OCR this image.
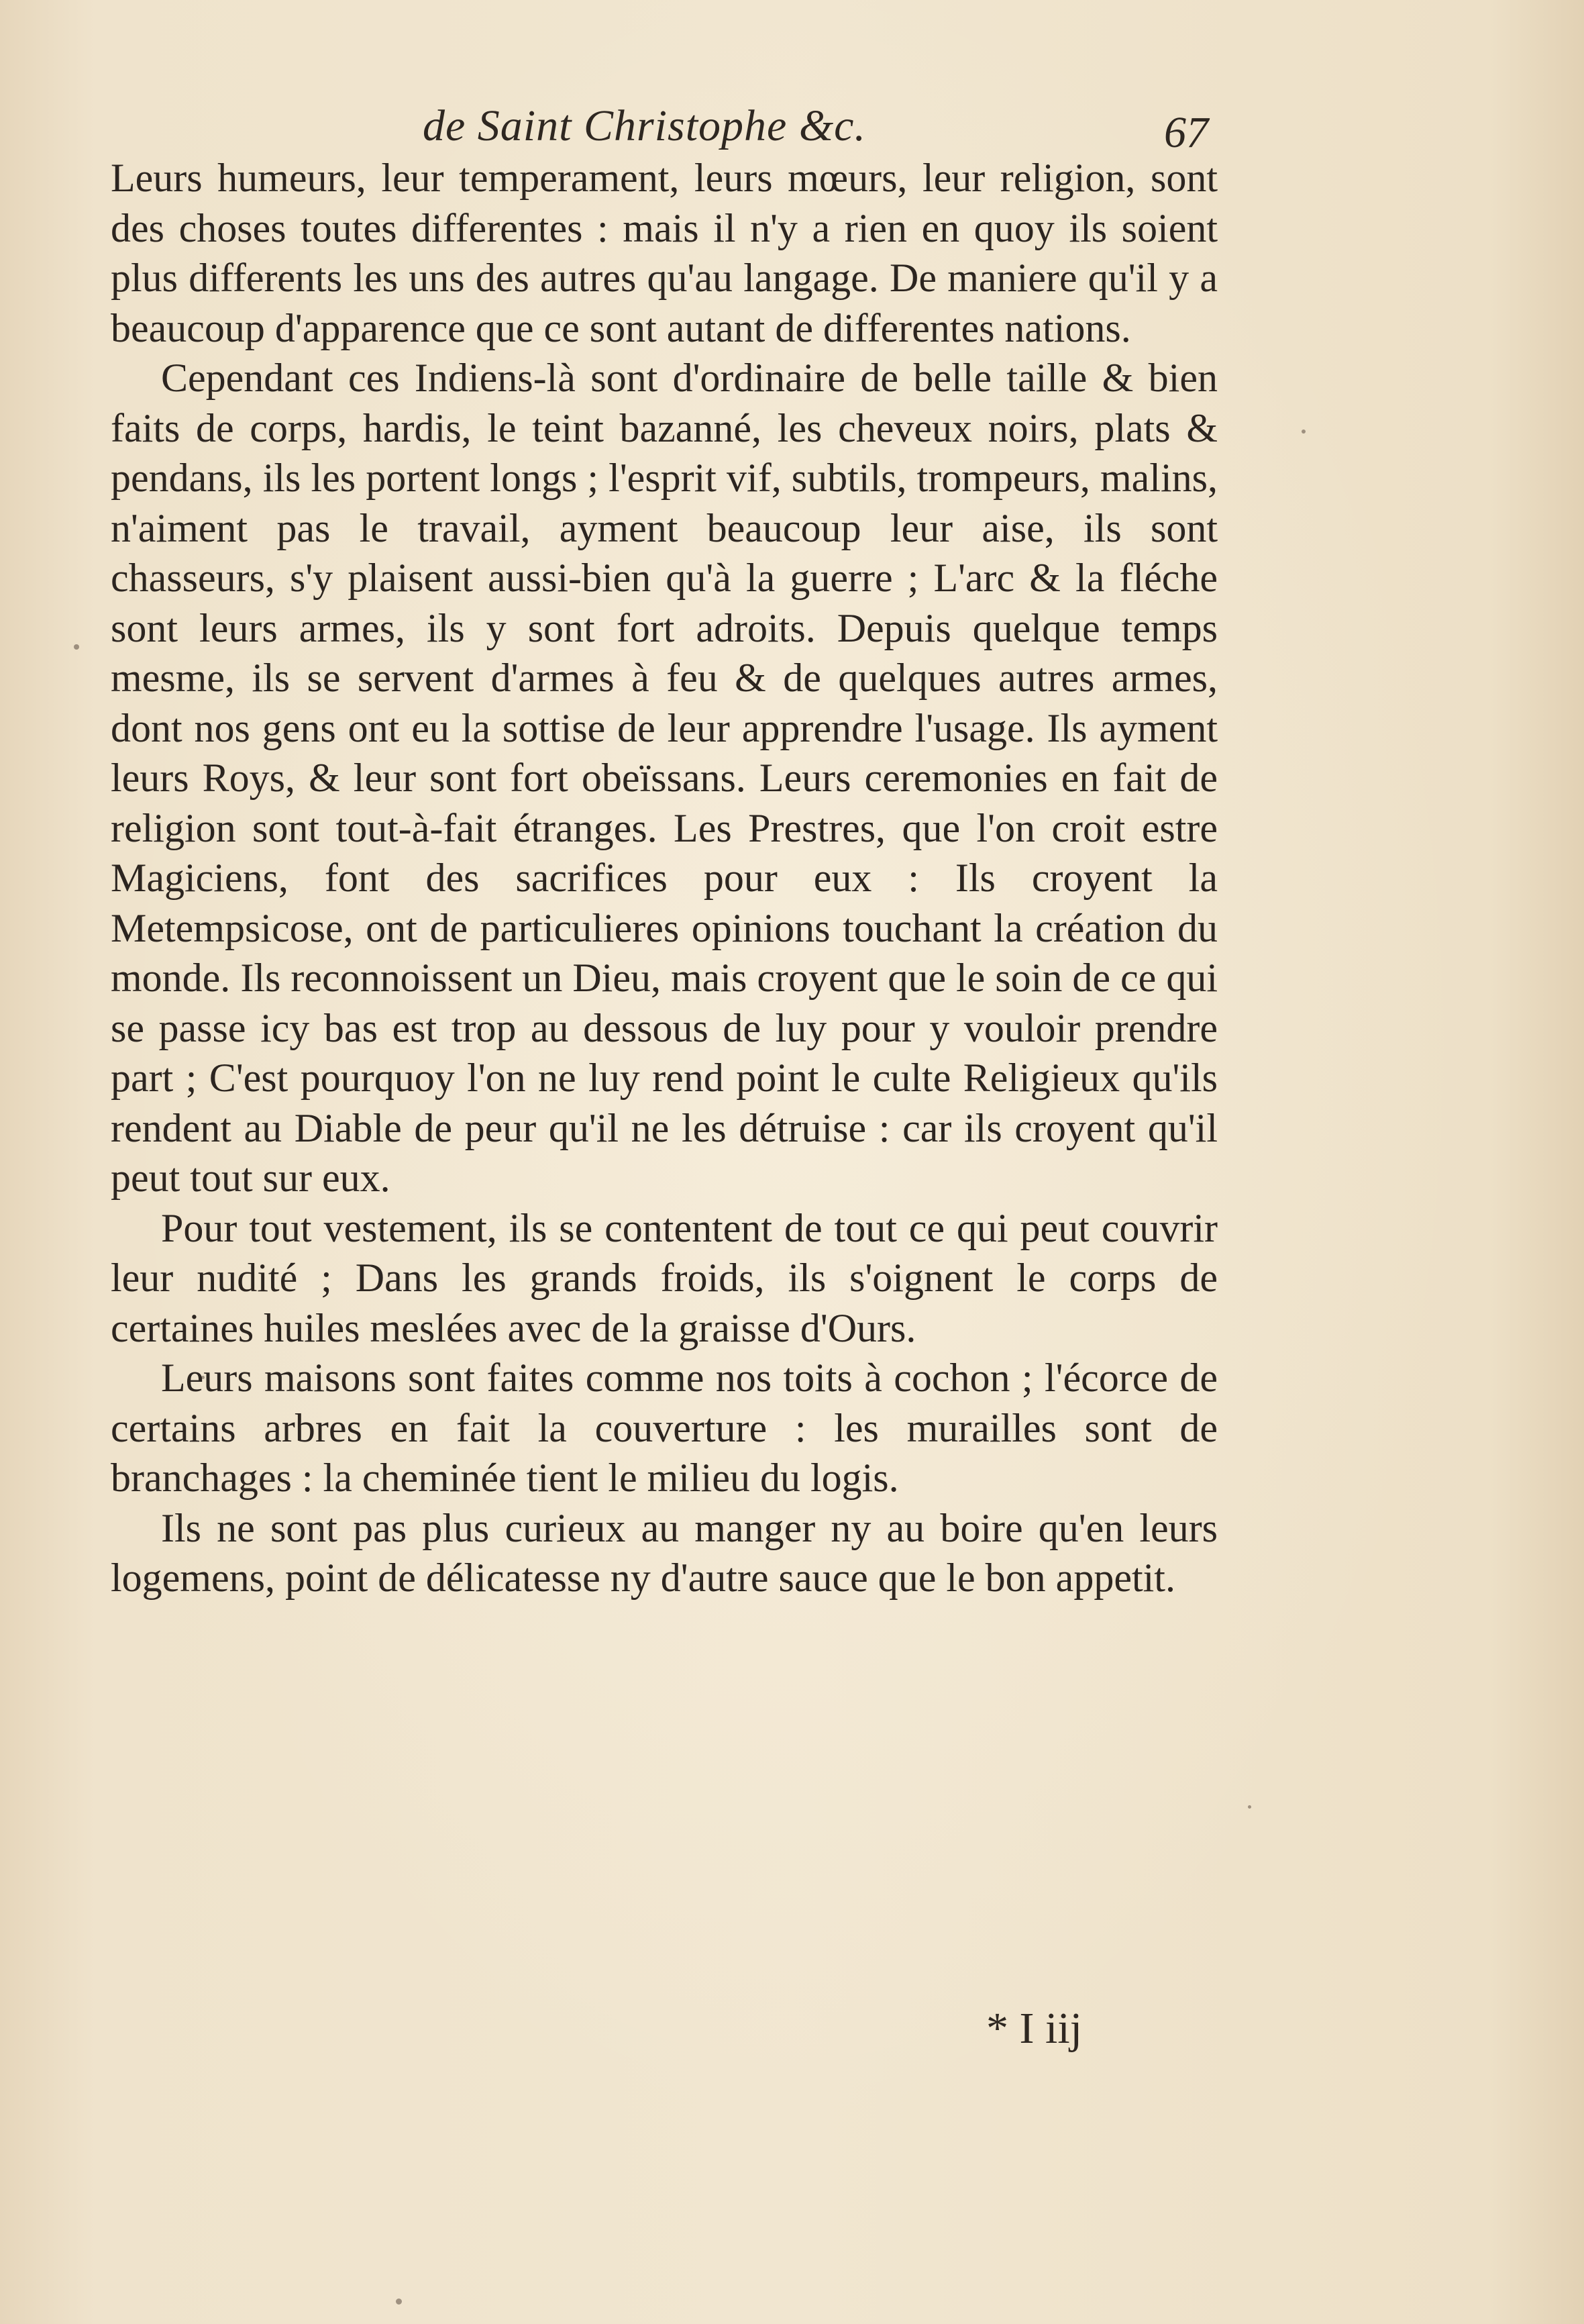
de Saint Christophe &c.	67

Leurs humeurs, leur temperament, leurs mœurs, leur religion, sont des choses toutes differentes : mais il n'y a rien en quoy ils soient plus differents les uns des autres qu'au langage. De maniere qu'il y a beaucoup d'apparence que ce sont autant de differentes nations.

Cependant ces Indiens-là sont d'ordinaire de belle taille & bien faits de corps, hardis, le teint bazanné, les cheveux noirs, plats & pendans, ils les portent longs ; l'esprit vif, subtils, trompeurs, malins, n'aiment pas le travail, ayment beaucoup leur aise, ils sont chasseurs, s'y plaisent aussi-bien qu'à la guerre ; L'arc & la fléche sont leurs armes, ils y sont fort adroits. Depuis quelque temps mesme, ils se servent d'armes à feu & de quelques autres armes, dont nos gens ont eu la sottise de leur apprendre l'usage. Ils ayment leurs Roys, & leur sont fort obeïssans. Leurs ceremonies en fait de religion sont tout-à-fait étranges. Les Prestres, que l'on croit estre Magiciens, font des sacrifices pour eux : Ils croyent la Metempsicose, ont de particulieres opinions touchant la création du monde. Ils reconnoissent un Dieu, mais croyent que le soin de ce qui se passe icy bas est trop au dessous de luy pour y vouloir prendre part ; C'est pourquoy l'on ne luy rend point le culte Religieux qu'ils rendent au Diable de peur qu'il ne les détruise : car ils croyent qu'il peut tout sur eux.

Pour tout vestement, ils se contentent de tout ce qui peut couvrir leur nudité ; Dans les grands froids, ils s'oignent le corps de certaines huiles meslées avec de la graisse d'Ours.

Leurs maisons sont faites comme nos toits à cochon ; l'écorce de certains arbres en fait la couverture : les murailles sont de branchages : la cheminée tient le milieu du logis.

Ils ne sont pas plus curieux au manger ny au boire qu'en leurs logemens, point de délicatesse ny d'autre sauce que le bon appetit.

* I iij
